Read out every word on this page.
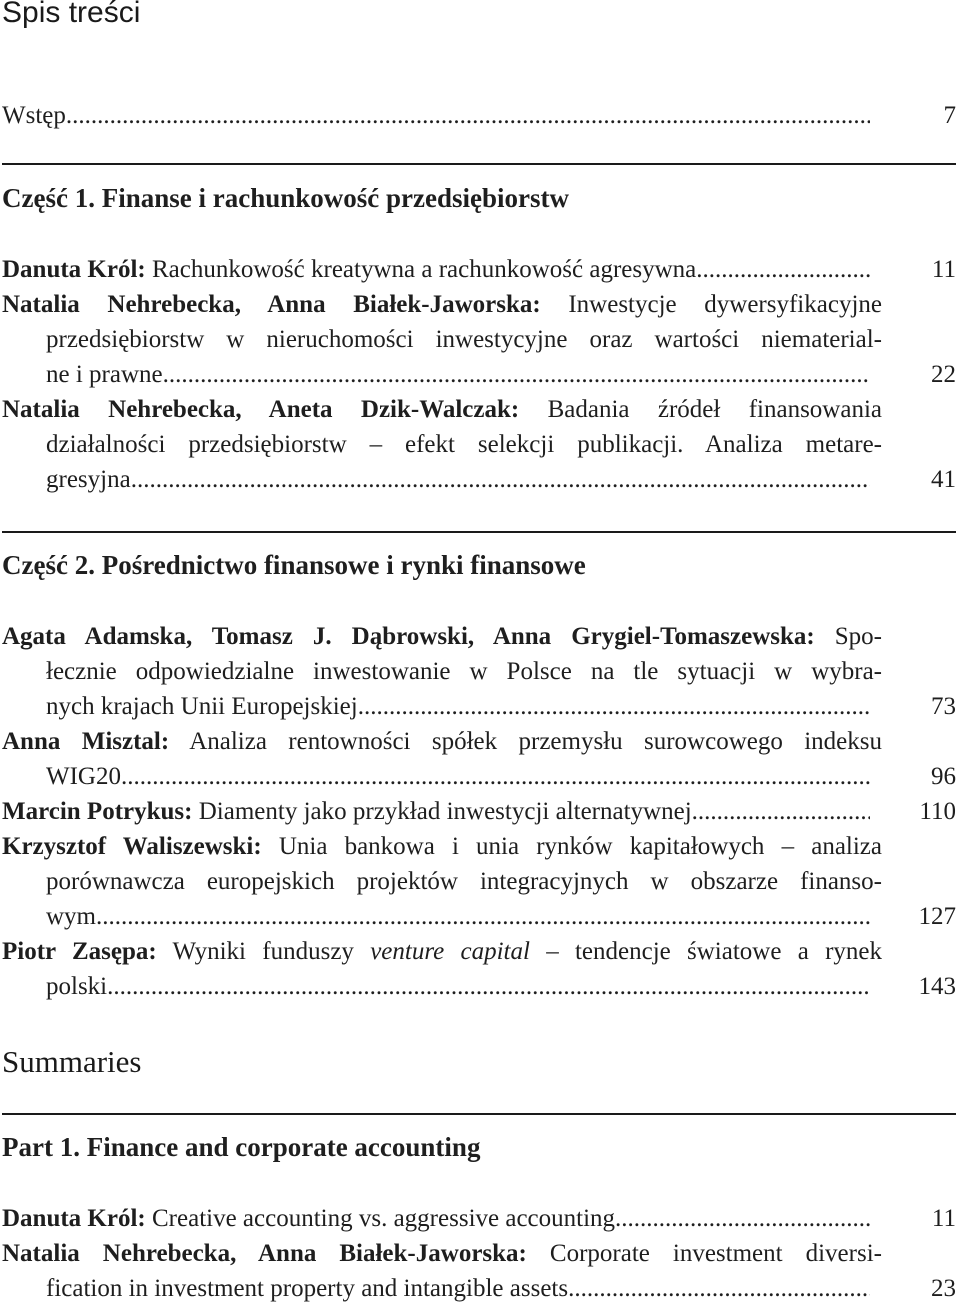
Spis treści
Wstęp .....	7
Część 1. Finanse i rachunkowość przedsiębiorstw
Danuta Król: Rachunkowość kreatywna a rachunkowość agresywna .....	11
Natalia Nehrebecka, Anna Białek-Jaworska: Inwestycje dywersyfikacyjne
przedsiębiorstw w nieruchomości inwestycyjne oraz wartości niematerial-
ne i prawne .....	22
Natalia Nehrebecka, Aneta Dzik-Walczak: Badania źródeł finansowania
działalności przedsiębiorstw – efekt selekcji publikacji. Analiza metare-
gresyjna .....	41
Część 2. Pośrednictwo finansowe i rynki finansowe
Agata Adamska, Tomasz J. Dąbrowski, Anna Grygiel-Tomaszewska: Spo-
łecznie odpowiedzialne inwestowanie w Polsce na tle sytuacji w wybra-
nych krajach Unii Europejskiej .....	73
Anna Misztal: Analiza rentowności spółek przemysłu surowcowego indeksu
WIG20 .....	96
Marcin Potrykus: Diamenty jako przykład inwestycji alternatywnej .....	110
Krzysztof Waliszewski: Unia bankowa i unia rynków kapitałowych – analiza
porównawcza europejskich projektów integracyjnych w obszarze finanso-
wym .....	127
Piotr Zasępa: Wyniki funduszy venture capital – tendencje światowe a rynek
polski .....	143
Summaries
Part 1. Finance and corporate accounting
Danuta Król: Creative accounting vs. aggressive accounting .....	11
Natalia Nehrebecka, Anna Białek-Jaworska: Corporate investment diversi-
fication in investment property and intangible assets .....	23
